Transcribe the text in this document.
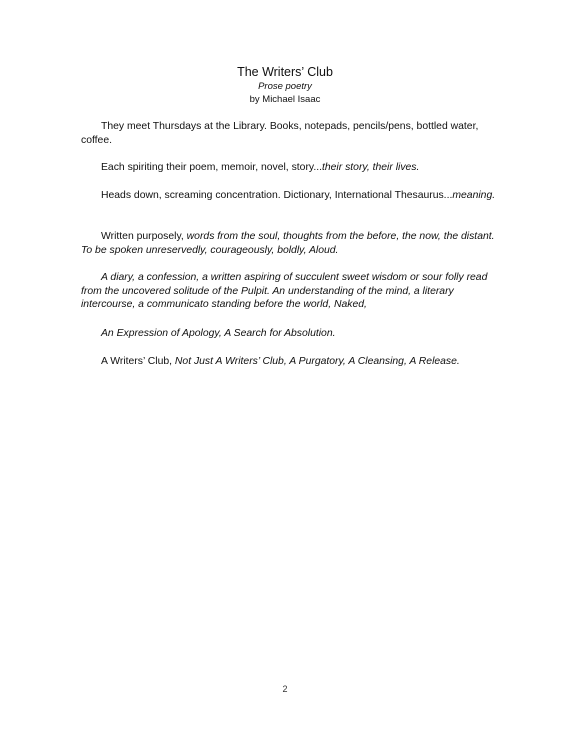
The Writers’ Club
Prose poetry
by Michael Isaac

They meet Thursdays at the Library. Books, notepads, pencils/pens, bottled water, coffee.

Each spiriting their poem, memoir, novel, story...their story, their lives.

Heads down, screaming concentration. Dictionary, International Thesaurus...meaning.

Written purposely, words from the soul, thoughts from the before, the now, the distant. To be spoken unreservedly, courageously, boldly, Aloud.

A diary, a confession, a written aspiring of succulent sweet wisdom or sour folly read from the uncovered solitude of the Pulpit. An understanding of the mind, a literary intercourse, a communicato standing before the world, Naked,

An Expression of Apology, A Search for Absolution.

A Writers’ Club, Not Just A Writers’ Club, A Purgatory, A Cleansing, A Release.

2
